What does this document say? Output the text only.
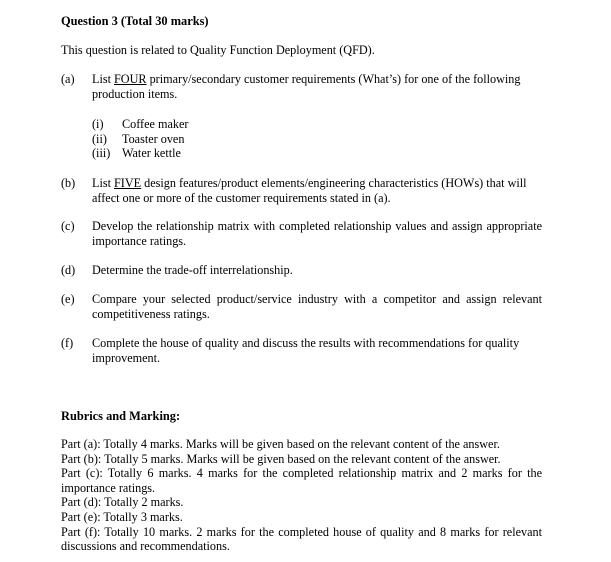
Question 3 (Total 30 marks)
This question is related to Quality Function Deployment (QFD).
(a)	List FOUR primary/secondary customer requirements (What’s) for one of the following production items.
(i) Coffee maker
(ii) Toaster oven
(iii) Water kettle
(b)	List FIVE design features/product elements/engineering characteristics (HOWs) that will affect one or more of the customer requirements stated in (a).
(c)	Develop the relationship matrix with completed relationship values and assign appropriate importance ratings.
(d)	Determine the trade-off interrelationship.
(e)	Compare your selected product/service industry with a competitor and assign relevant competitiveness ratings.
(f)	Complete the house of quality and discuss the results with recommendations for quality improvement.
Rubrics and Marking:
Part (a): Totally 4 marks. Marks will be given based on the relevant content of the answer.
Part (b): Totally 5 marks. Marks will be given based on the relevant content of the answer.
Part (c): Totally 6 marks. 4 marks for the completed relationship matrix and 2 marks for the importance ratings.
Part (d): Totally 2 marks.
Part (e): Totally 3 marks.
Part (f): Totally 10 marks. 2 marks for the completed house of quality and 8 marks for relevant discussions and recommendations.
